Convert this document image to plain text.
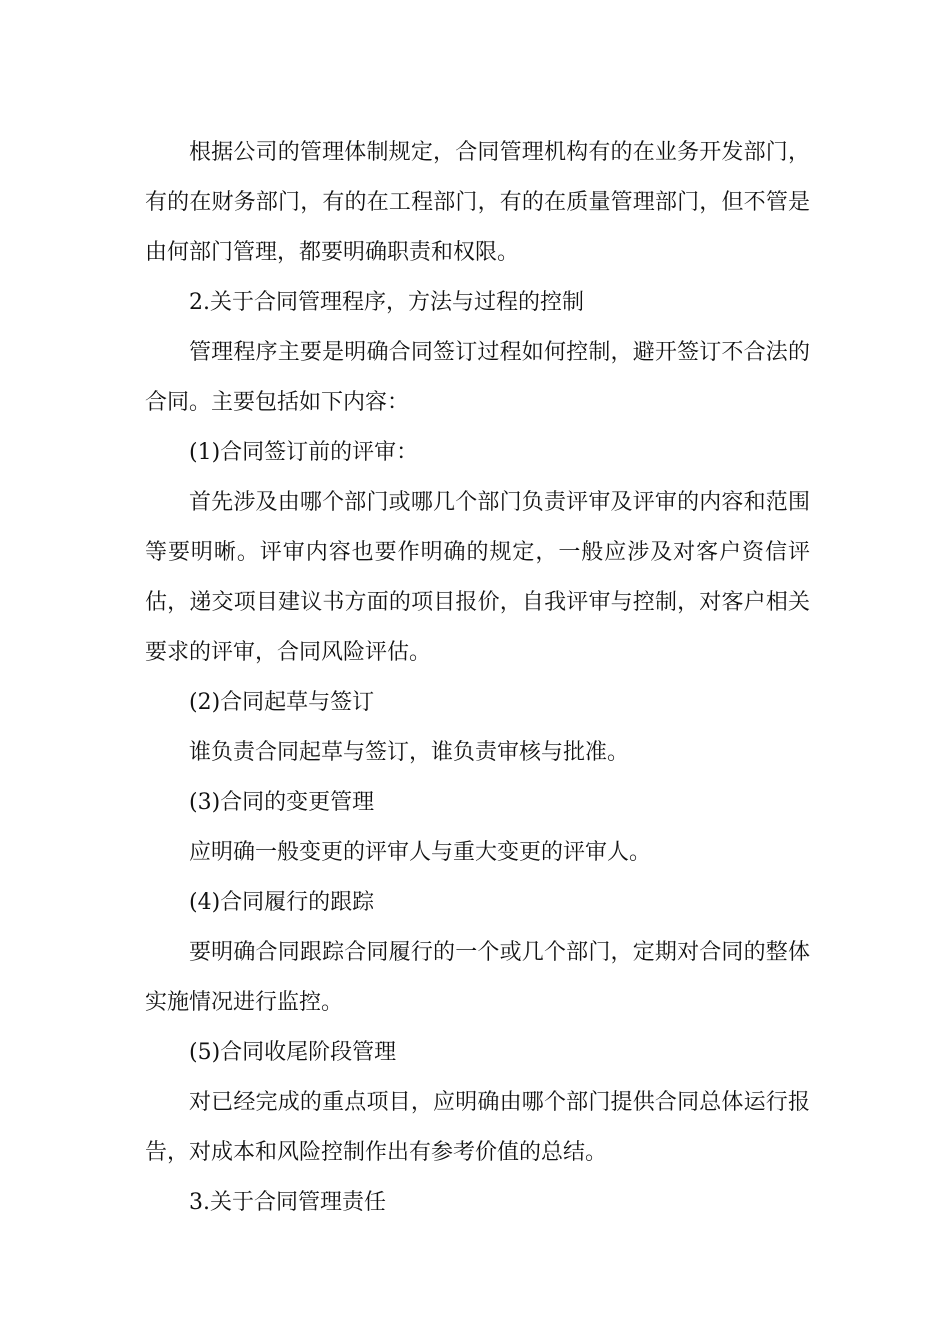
根据公司的管理体制规定，合同管理机构有的在业务开发部门，有的在财务部门，有的在工程部门，有的在质量管理部门，但不管是由何部门管理，都要明确职责和权限。

2.关于合同管理程序，方法与过程的控制

管理程序主要是明确合同签订过程如何控制，避开签订不合法的合同。主要包括如下内容：

(1)合同签订前的评审：

首先涉及由哪个部门或哪几个部门负责评审及评审的内容和范围等要明晰。评审内容也要作明确的规定，一般应涉及对客户资信评估，递交项目建议书方面的项目报价，自我评审与控制，对客户相关要求的评审，合同风险评估。

(2)合同起草与签订

谁负责合同起草与签订，谁负责审核与批准。

(3)合同的变更管理

应明确一般变更的评审人与重大变更的评审人。

(4)合同履行的跟踪

要明确合同跟踪合同履行的一个或几个部门，定期对合同的整体实施情况进行监控。

(5)合同收尾阶段管理

对已经完成的重点项目，应明确由哪个部门提供合同总体运行报告，对成本和风险控制作出有参考价值的总结。

3.关于合同管理责任
